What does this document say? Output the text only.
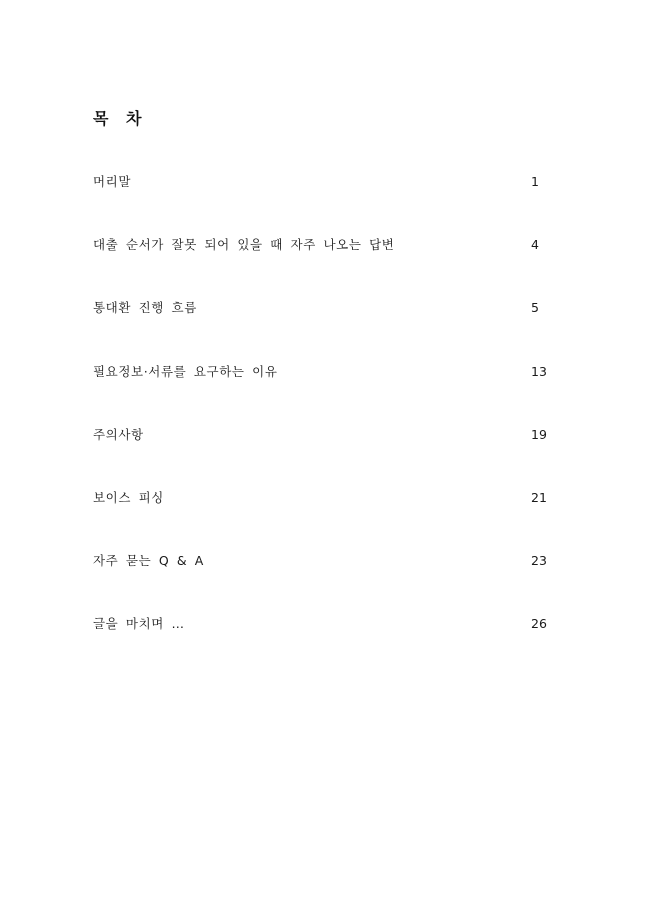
목 차
머리말	1
대출 순서가 잘못 되어 있을 때 자주 나오는 답변	4
통대환 진행 흐름	5
필요정보·서류를 요구하는 이유	13
주의사항	19
보이스 피싱	21
자주 묻는 Q & A	23
글을 마치며 …	26
